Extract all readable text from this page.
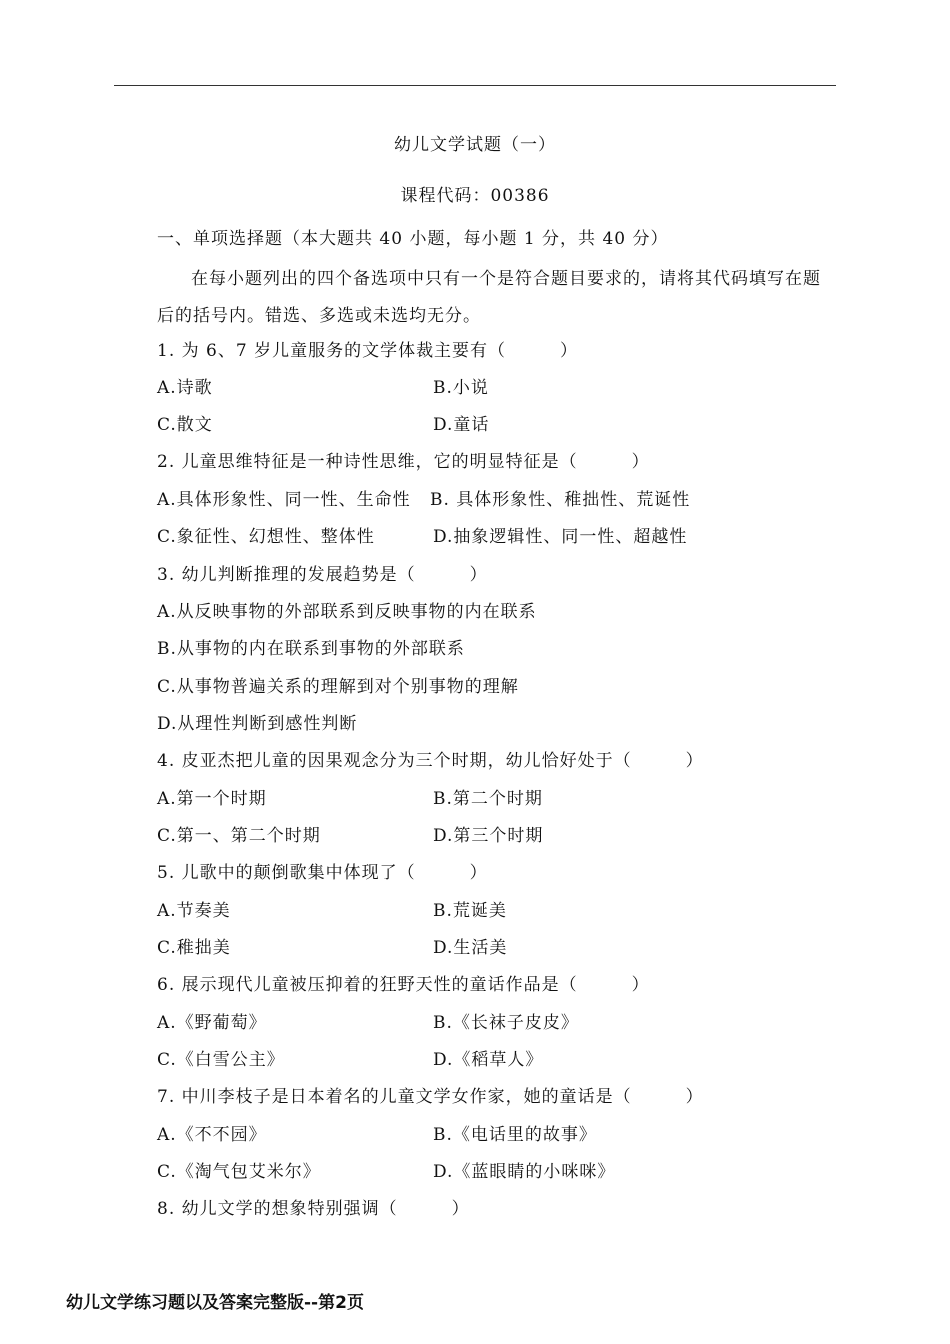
幼儿文学试题（一）
课程代码：00386
一、单项选择题（本大题共 40 小题，每小题 1 分，共 40 分）
在每小题列出的四个备选项中只有一个是符合题目要求的，请将其代码填写在题后的括号内。错选、多选或未选均无分。
1. 为 6、7 岁儿童服务的文学体裁主要有（　　　）
A.诗歌	B.小说
C.散文	D.童话
2. 儿童思维特征是一种诗性思维，它的明显特征是（　　　）
A.具体形象性、同一性、生命性 B. 具体形象性、稚拙性、荒诞性
C.象征性、幻想性、整体性	D.抽象逻辑性、同一性、超越性
3. 幼儿判断推理的发展趋势是（　　　）
A.从反映事物的外部联系到反映事物的内在联系
B.从事物的内在联系到事物的外部联系
C.从事物普遍关系的理解到对个别事物的理解
D.从理性判断到感性判断
4. 皮亚杰把儿童的因果观念分为三个时期，幼儿恰好处于（　　　）
A.第一个时期	B.第二个时期
C.第一、第二个时期	D.第三个时期
5. 儿歌中的颠倒歌集中体现了（　　　）
A.节奏美	B.荒诞美
C.稚拙美	D.生活美
6. 展示现代儿童被压抑着的狂野天性的童话作品是（　　　）
A.《野葡萄》	B.《长袜子皮皮》
C.《白雪公主》	D.《稻草人》
7. 中川李枝子是日本着名的儿童文学女作家，她的童话是（　　　）
A.《不不园》	B.《电话里的故事》
C.《淘气包艾米尔》	D.《蓝眼睛的小咪咪》
8. 幼儿文学的想象特别强调（　　　）
幼儿文学练习题以及答案完整版--第2页
